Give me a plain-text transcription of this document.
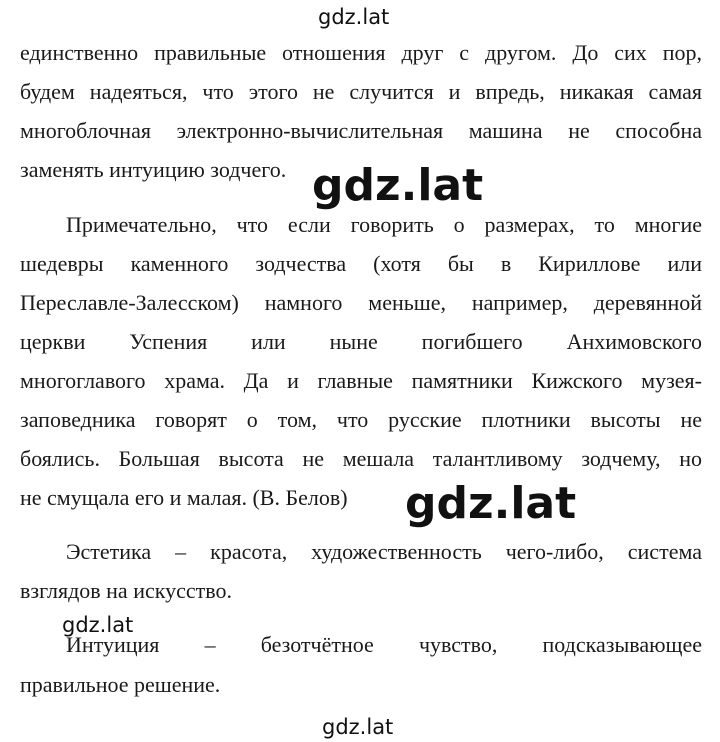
единственно правильные отношения друг с другом. До сих пор,
будем надеяться, что этого не случится и впредь, никакая самая
многоблочная электронно-вычислительная машина не способна
заменять интуицию зодчего.
Примечательно, что если говорить о размерах, то многие
шедевры каменного зодчества (хотя бы в Кириллове или
Переславле-Залесском) намного меньше, например, деревянной
церкви Успения или ныне погибшего Анхимовского
многоглавого храма. Да и главные памятники Кижского музея-
заповедника говорят о том, что русские плотники высоты не
боялись. Большая высота не мешала талантливому зодчему, но
не смущала его и малая. (В. Белов)
Эстетика – красота, художественность чего-либо, система
взглядов на искусство.
Интуиция – безотчётное чувство, подсказывающее
правильное решение.
gdz.lat
gdz.lat
gdz.lat
gdz.lat
gdz.lat
